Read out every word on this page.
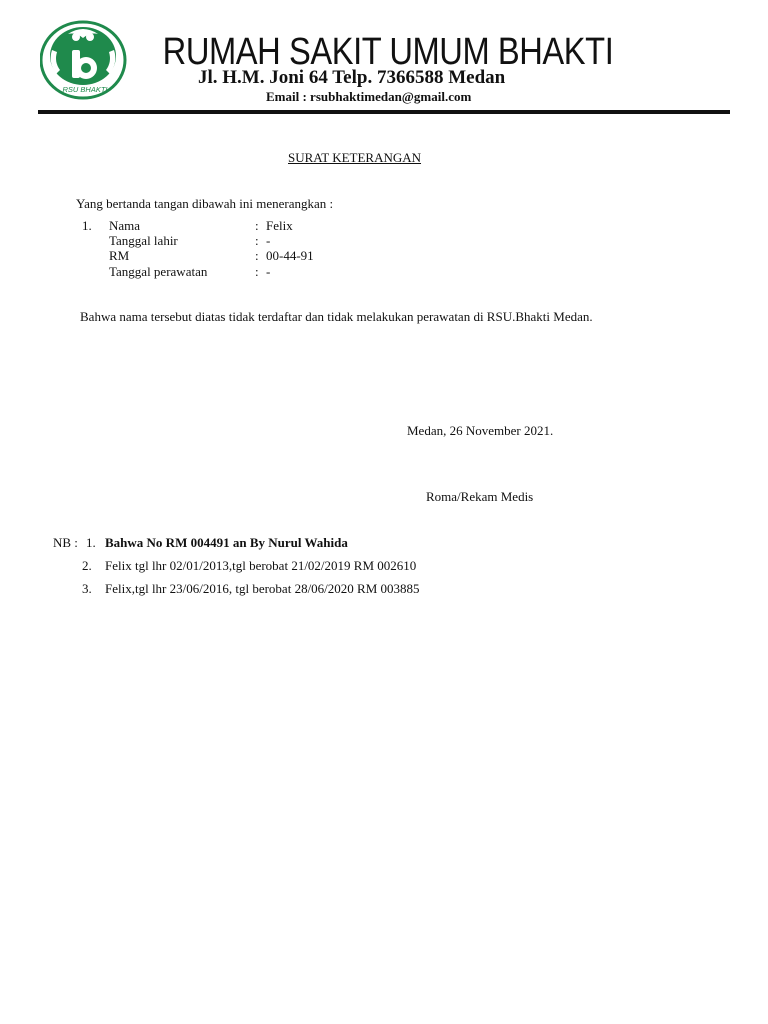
RSU BHAKTI
RUMAH SAKIT UMUM BHAKTI
Jl. H.M. Joni 64 Telp. 7366588 Medan
Email : rsubhaktimedan@gmail.com
SURAT KETERANGAN
Yang bertanda tangan dibawah ini menerangkan :
1. Nama	: Felix
Tanggal lahir	: -
RM	: 00-44-91
Tanggal perawatan	: -
Bahwa nama tersebut diatas tidak terdaftar dan tidak melakukan perawatan di RSU.Bhakti Medan.
Medan, 26 November 2021.
Roma/Rekam Medis
NB : 1. Bahwa No RM 004491 an By Nurul Wahida
2. Felix tgl lhr 02/01/2013,tgl berobat 21/02/2019 RM 002610
3. Felix,tgl lhr 23/06/2016, tgl berobat 28/06/2020 RM 003885
